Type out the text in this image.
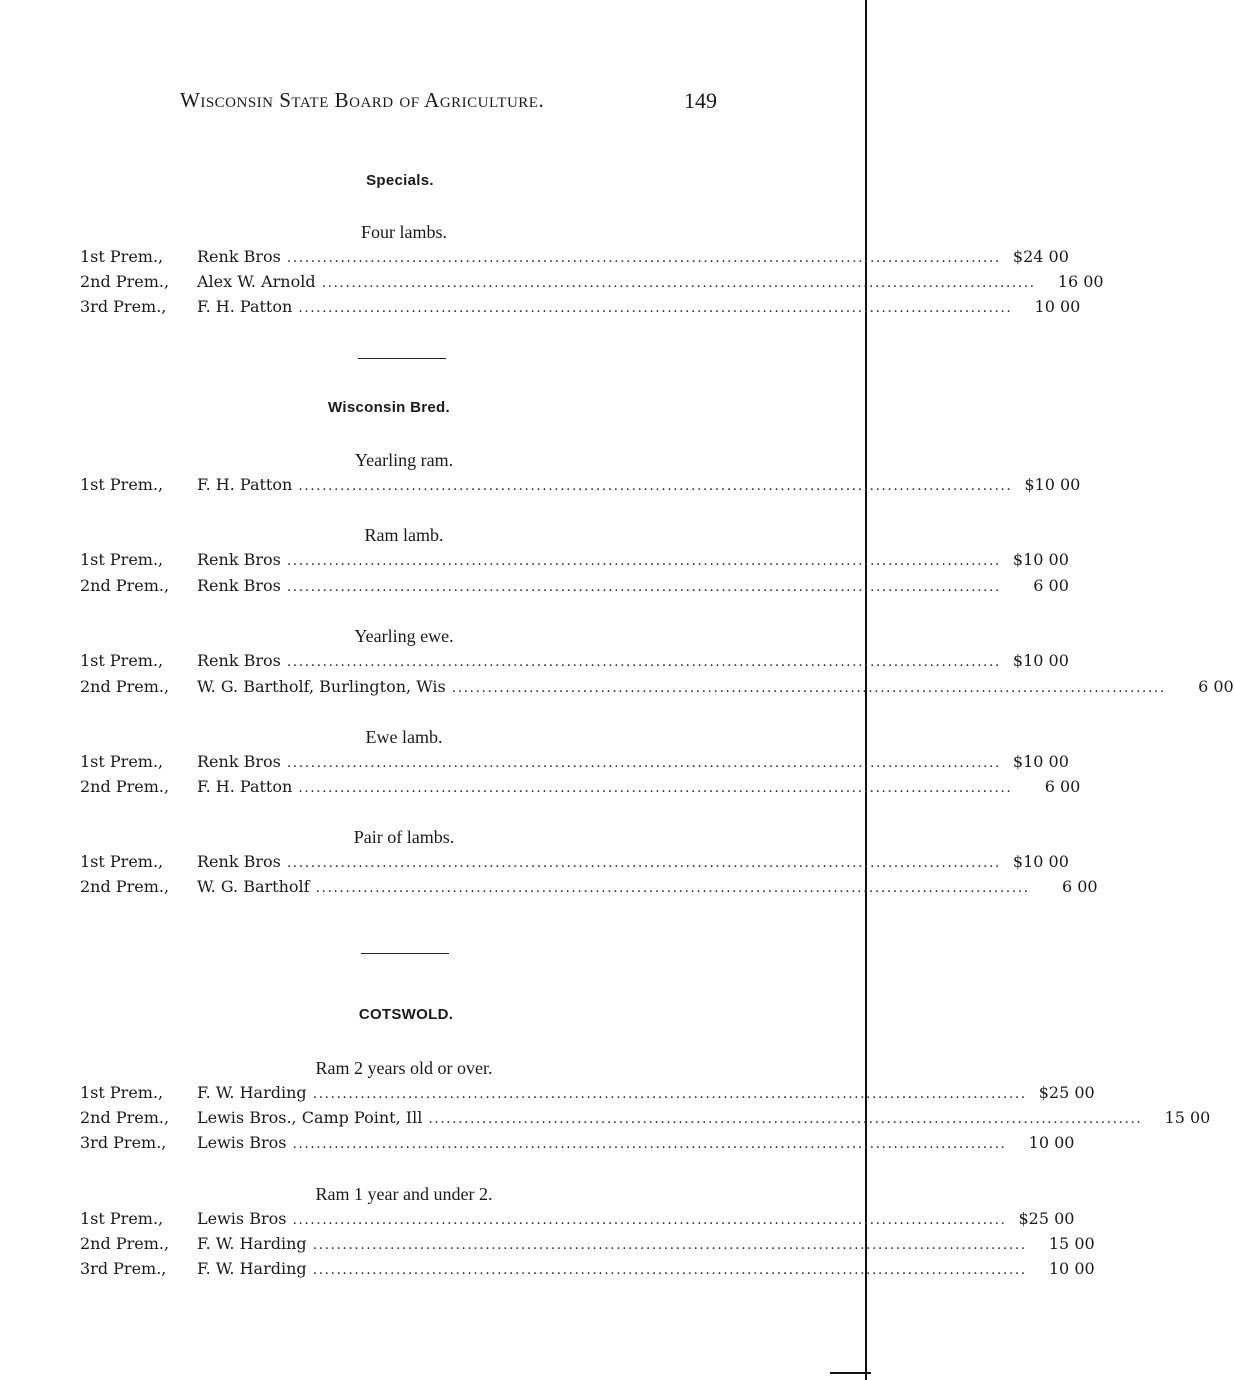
Wisconsin State Board of Agriculture.	149
Specials.
Four lambs.
1st Prem.,	Renk Bros ........................................................................................................................ $24 00
2nd Prem.,	Alex W. Arnold ........................................................................................................................	16 00
3rd Prem.,	F. H. Patton ........................................................................................................................	10 00
Wisconsin Bred.
Yearling ram.
1st Prem.,	F. H. Patton ........................................................................................................................ $10 00
Ram lamb.
1st Prem.,	Renk Bros ........................................................................................................................ $10 00
2nd Prem.,	Renk Bros ........................................................................................................................	6 00
Yearling ewe.
1st Prem.,	Renk Bros ........................................................................................................................ $10 00
2nd Prem.,	W. G. Bartholf, Burlington, Wis ........................................................................................................................	6 00
Ewe lamb.
1st Prem.,	Renk Bros ........................................................................................................................ $10 00
2nd Prem.,	F. H. Patton ........................................................................................................................	6 00
Pair of lambs.
1st Prem.,	Renk Bros ........................................................................................................................ $10 00
2nd Prem.,	W. G. Bartholf ........................................................................................................................	6 00
COTSWOLD.
Ram 2 years old or over.
1st Prem.,	F. W. Harding ........................................................................................................................ $25 00
2nd Prem.,	Lewis Bros., Camp Point, Ill ........................................................................................................................	15 00
3rd Prem.,	Lewis Bros ........................................................................................................................	10 00
Ram 1 year and under 2.
1st Prem.,	Lewis Bros ........................................................................................................................ $25 00
2nd Prem.,	F. W. Harding ........................................................................................................................	15 00
3rd Prem.,	F. W. Harding ........................................................................................................................	10 00
